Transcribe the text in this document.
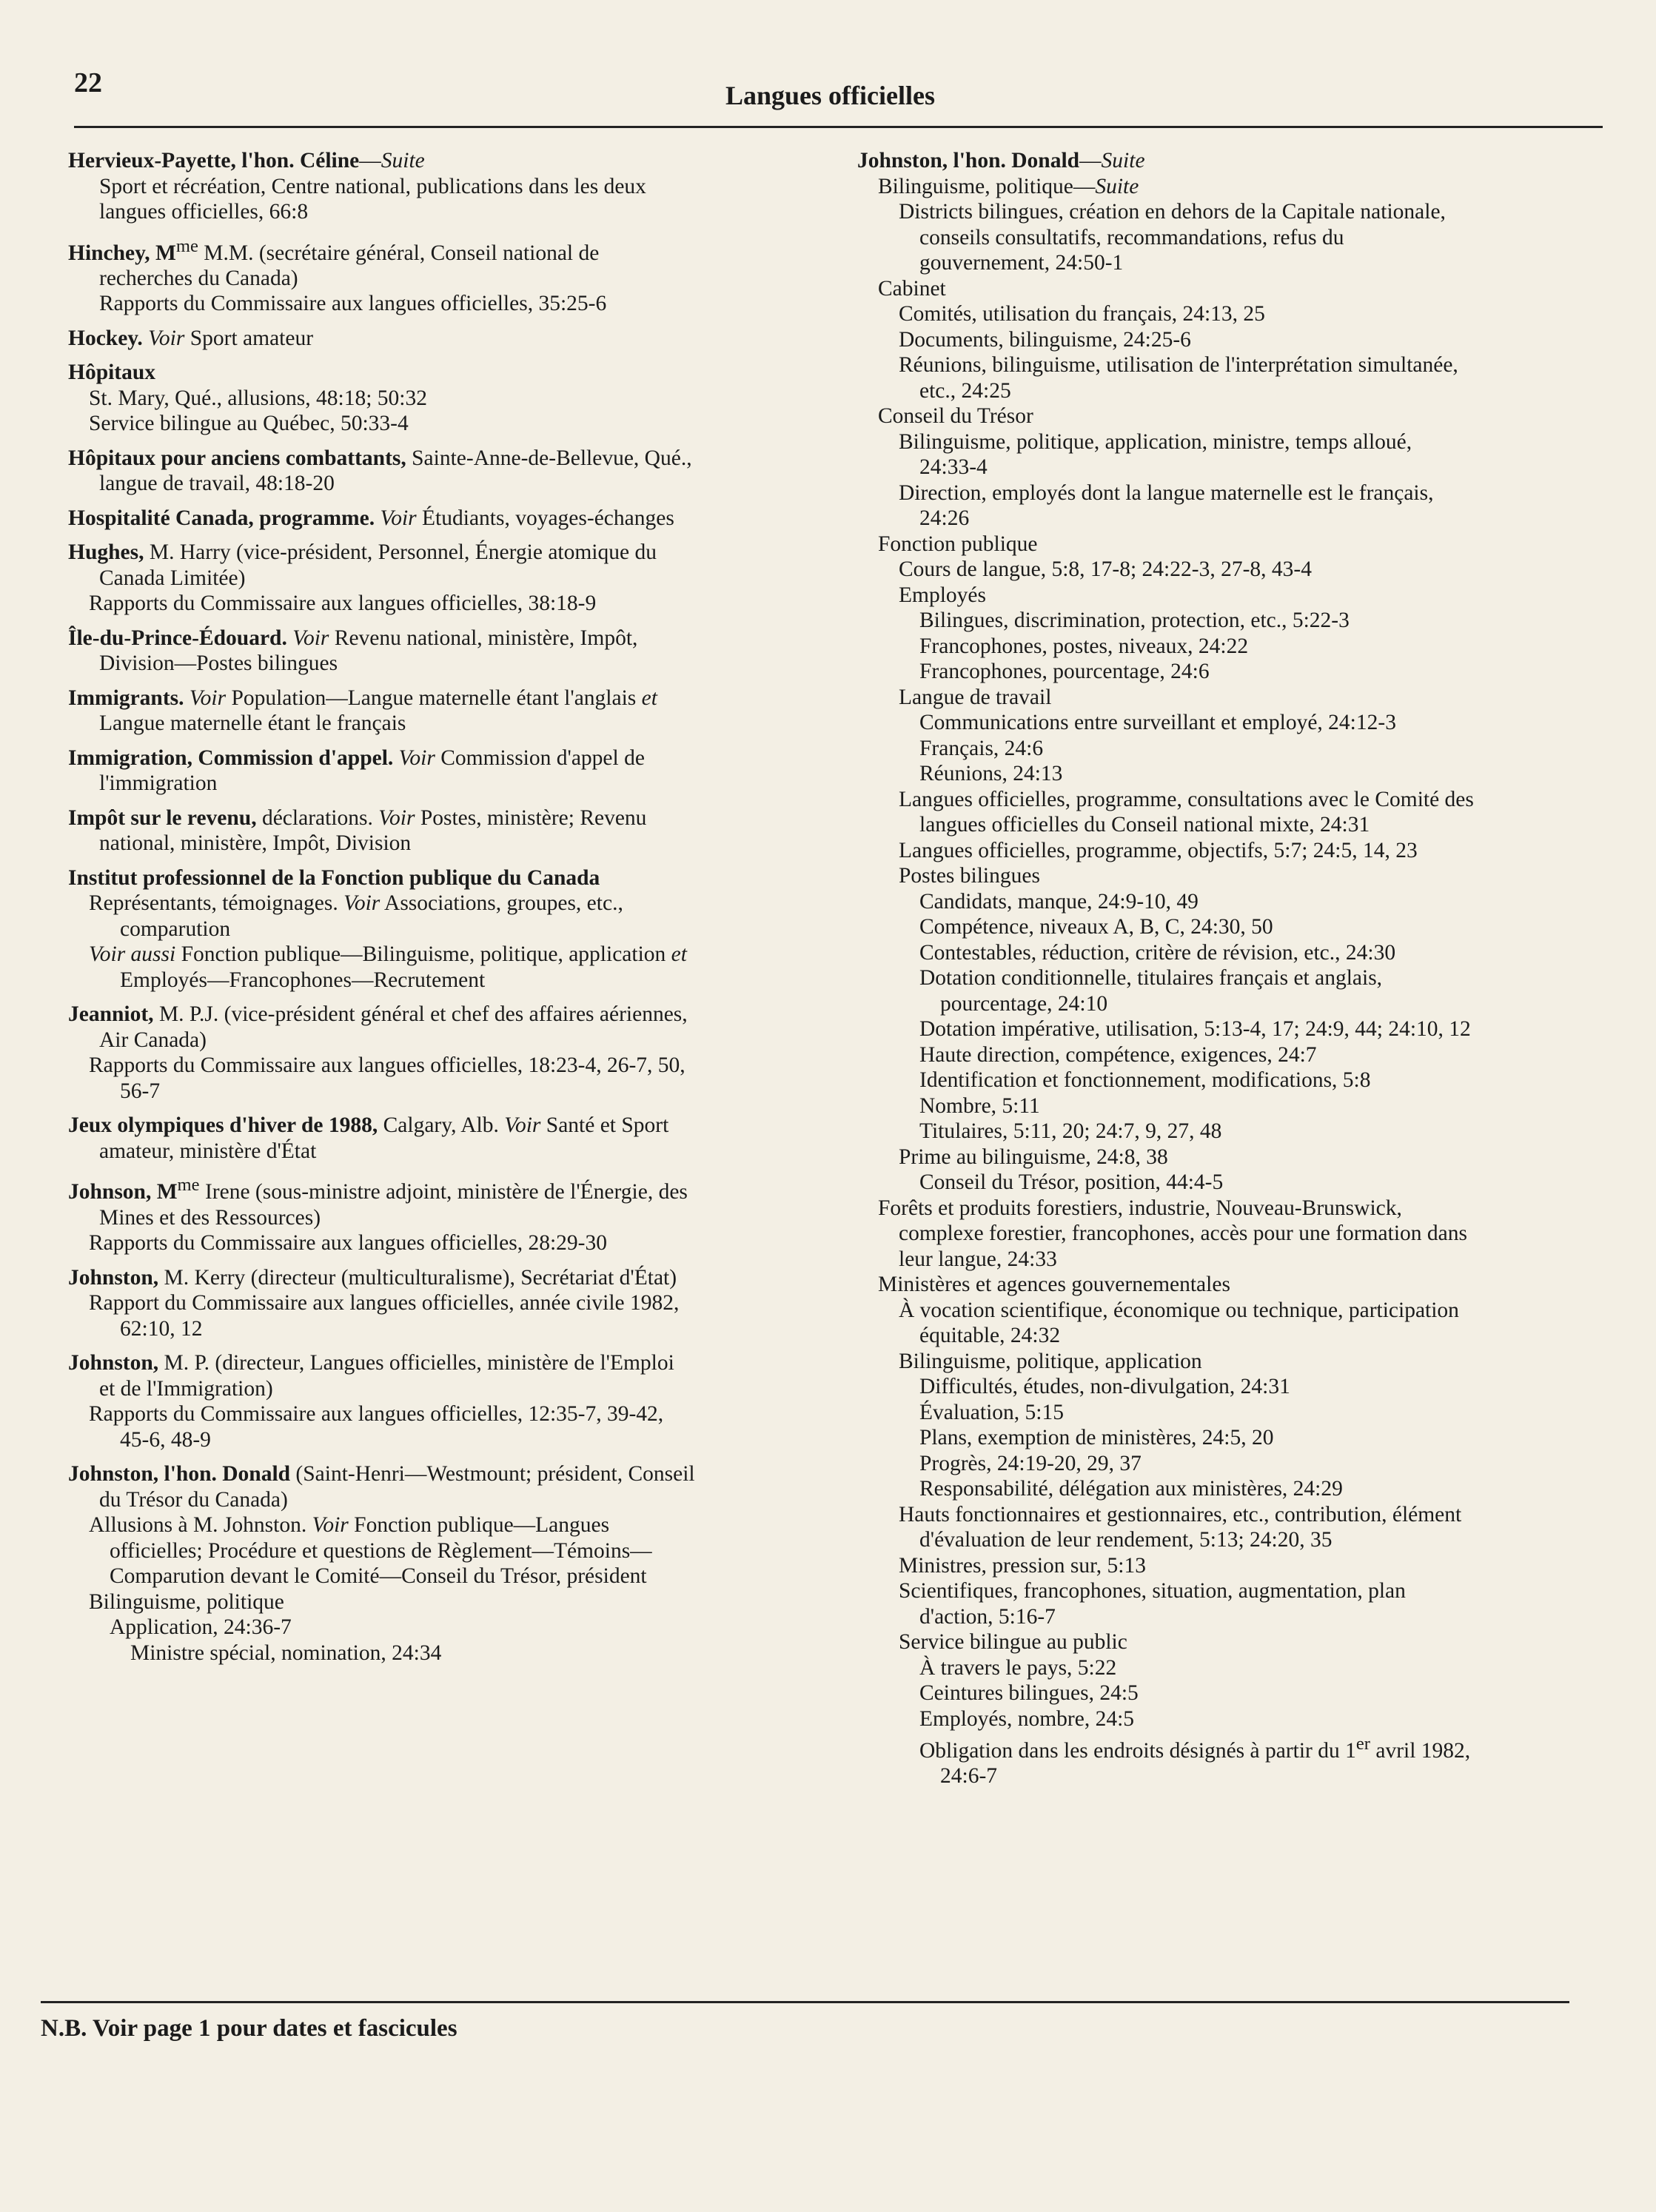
22	Langues officielles
Hervieux-Payette, l'hon. Céline—Suite
Sport et récréation, Centre national, publications dans les deux
langues officielles, 66:8
Hinchey, $M^{me}$ M.M. (secrétaire général, Conseil national de
recherches du Canada)
Rapports du Commissaire aux langues officielles, 35:25-6
Hockey. Voir Sport amateur
Hôpitaux
St. Mary, Qué., allusions, 48:18; 50:32
Service bilingue au Québec, 50:33-4
Hôpitaux pour anciens combattants, Sainte-Anne-de-Bellevue, Qué.,
langue de travail, 48:18-20
Hospitalité Canada, programme. Voir Étudiants, voyages-échanges
Hughes, M. Harry (vice-président, Personnel, Énergie atomique du
Canada Limitée)
Rapports du Commissaire aux langues officielles, 38:18-9
Île-du-Prince-Édouard. Voir Revenu national, ministère, Impôt,
Division—Postes bilingues
Immigrants. Voir Population—Langue maternelle étant l'anglais et
Langue maternelle étant le français
Immigration, Commission d'appel. Voir Commission d'appel de
l'immigration
Impôt sur le revenu, déclarations. Voir Postes, ministère; Revenu
national, ministère, Impôt, Division
Institut professionnel de la Fonction publique du Canada
Représentants, témoignages. Voir Associations, groupes, etc.,
comparution
Voir aussi Fonction publique—Bilinguisme, politique, application et
Employés—Francophones—Recrutement
Jeanniot, M. P.J. (vice-président général et chef des affaires aériennes,
Air Canada)
Rapports du Commissaire aux langues officielles, 18:23-4, 26-7, 50,
56-7
Jeux olympiques d'hiver de 1988, Calgary, Alb. Voir Santé et Sport
amateur, ministère d'État
Johnson, $M^{me}$ Irene (sous-ministre adjoint, ministère de l'Énergie, des
Mines et des Ressources)
Rapports du Commissaire aux langues officielles, 28:29-30
Johnston, M. Kerry (directeur (multiculturalisme), Secrétariat d'État)
Rapport du Commissaire aux langues officielles, année civile 1982,
62:10, 12
Johnston, M. P. (directeur, Langues officielles, ministère de l'Emploi
et de l'Immigration)
Rapports du Commissaire aux langues officielles, 12:35-7, 39-42,
45-6, 48-9
Johnston, l'hon. Donald (Saint-Henri—Westmount; président, Conseil
du Trésor du Canada)
Allusions à M. Johnston. Voir Fonction publique—Langues
officielles; Procédure et questions de Règlement—Témoins—
Comparution devant le Comité—Conseil du Trésor, président
Bilinguisme, politique
Application, 24:36-7
Ministre spécial, nomination, 24:34
Johnston, l'hon. Donald—Suite
Bilinguisme, politique—Suite
Districts bilingues, création en dehors de la Capitale nationale,
conseils consultatifs, recommandations, refus du
gouvernement, 24:50-1
Cabinet
Comités, utilisation du français, 24:13, 25
Documents, bilinguisme, 24:25-6
Réunions, bilinguisme, utilisation de l'interprétation simultanée,
etc., 24:25
Conseil du Trésor
Bilinguisme, politique, application, ministre, temps alloué,
24:33-4
Direction, employés dont la langue maternelle est le français,
24:26
Fonction publique
Cours de langue, 5:8, 17-8; 24:22-3, 27-8, 43-4
Employés
Bilingues, discrimination, protection, etc., 5:22-3
Francophones, postes, niveaux, 24:22
Francophones, pourcentage, 24:6
Langue de travail
Communications entre surveillant et employé, 24:12-3
Français, 24:6
Réunions, 24:13
Langues officielles, programme, consultations avec le Comité des
langues officielles du Conseil national mixte, 24:31
Langues officielles, programme, objectifs, 5:7; 24:5, 14, 23
Postes bilingues
Candidats, manque, 24:9-10, 49
Compétence, niveaux A, B, C, 24:30, 50
Contestables, réduction, critère de révision, etc., 24:30
Dotation conditionnelle, titulaires français et anglais,
pourcentage, 24:10
Dotation impérative, utilisation, 5:13-4, 17; 24:9, 44; 24:10, 12
Haute direction, compétence, exigences, 24:7
Identification et fonctionnement, modifications, 5:8
Nombre, 5:11
Titulaires, 5:11, 20; 24:7, 9, 27, 48
Prime au bilinguisme, 24:8, 38
Conseil du Trésor, position, 44:4-5
Forêts et produits forestiers, industrie, Nouveau-Brunswick,
complexe forestier, francophones, accès pour une formation dans
leur langue, 24:33
Ministères et agences gouvernementales
À vocation scientifique, économique ou technique, participation
équitable, 24:32
Bilinguisme, politique, application
Difficultés, études, non-divulgation, 24:31
Évaluation, 5:15
Plans, exemption de ministères, 24:5, 20
Progrès, 24:19-20, 29, 37
Responsabilité, délégation aux ministères, 24:29
Hauts fonctionnaires et gestionnaires, etc., contribution, élément
d'évaluation de leur rendement, 5:13; 24:20, 35
Ministres, pression sur, 5:13
Scientifiques, francophones, situation, augmentation, plan
d'action, 5:16-7
Service bilingue au public
À travers le pays, 5:22
Ceintures bilingues, 24:5
Employés, nombre, 24:5
Obligation dans les endroits désignés à partir du 1er avril 1982,
24:6-7
N.B. Voir page 1 pour dates et fascicules
